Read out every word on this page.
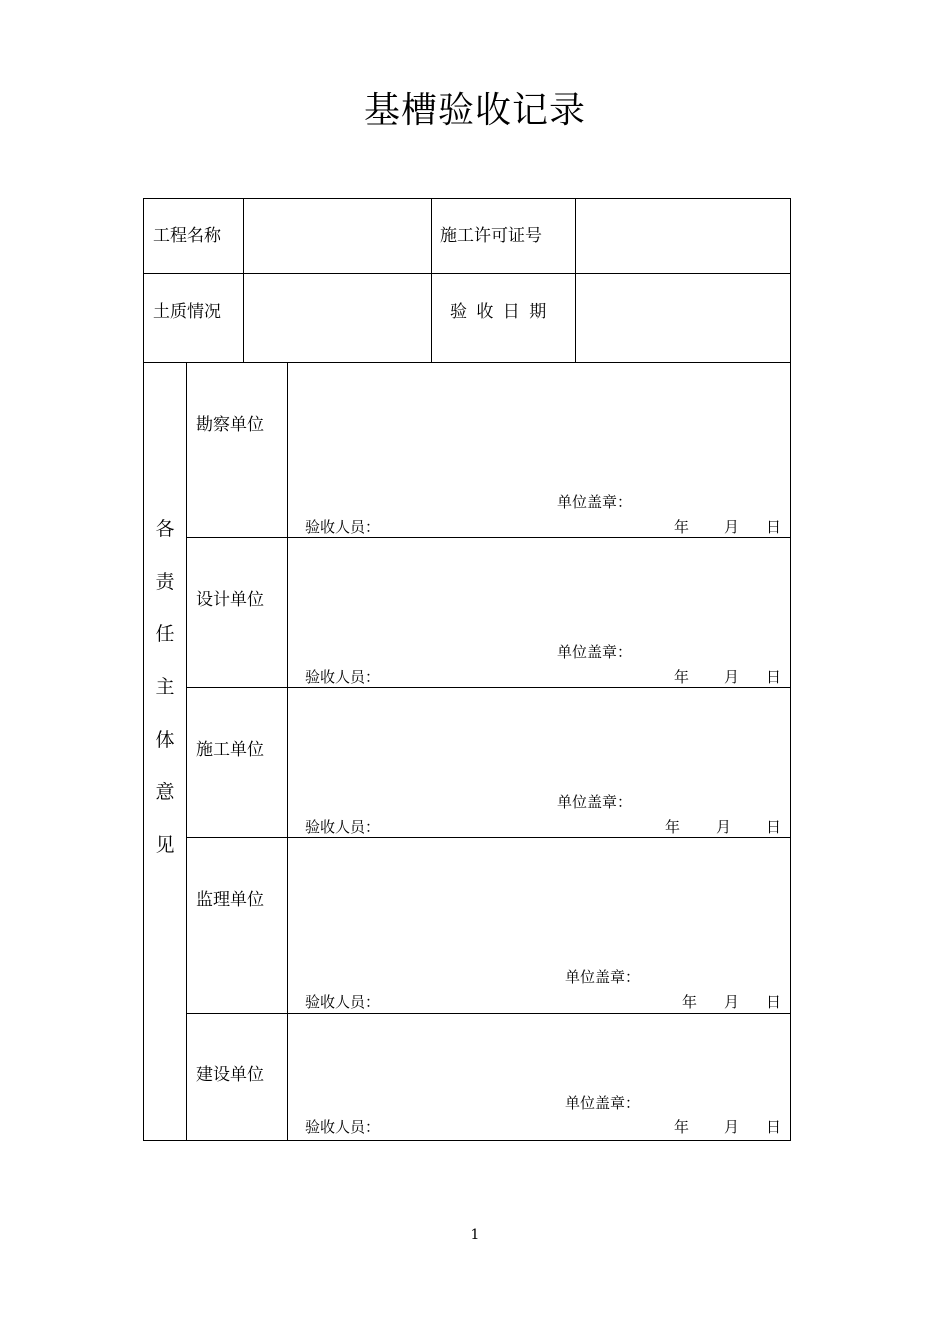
基槽验收记录
工程名称	施工许可证号
土质情况	验 收 日 期
各
责
任
主
体
意
见
勘察单位
单位盖章：
验收人员：	年 月 日
设计单位
单位盖章：
验收人员：	年 月 日
施工单位
单位盖章：
验收人员：	年 月 日
监理单位
单位盖章：
验收人员：	年 月 日
建设单位
单位盖章：
验收人员：	年 月 日
1
